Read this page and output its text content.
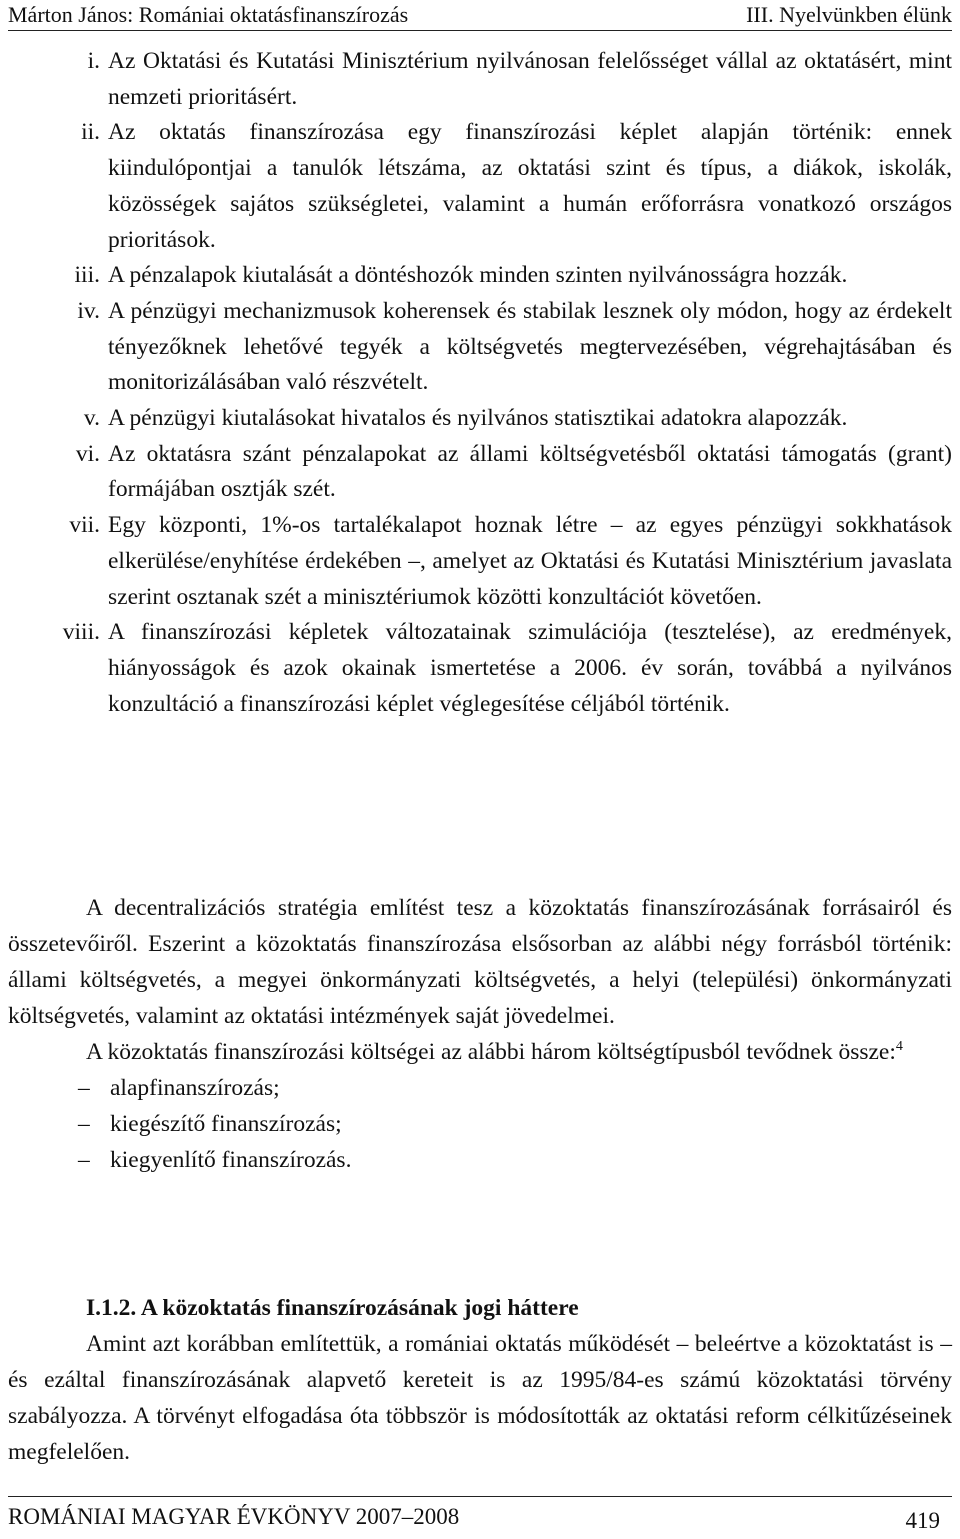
Márton János: Romániai oktatásfinanszírozás	III. Nyelvünkben élünk
i. Az Oktatási és Kutatási Minisztérium nyilvánosan felelősséget vállal az oktatásért, mint nemzeti prioritásért.
ii. Az oktatás finanszírozása egy finanszírozási képlet alapján történik: ennek kiindulópontjai a tanulók létszáma, az oktatási szint és típus, a diákok, iskolák, közösségek sajátos szükségletei, valamint a humán erőforrásra vonatkozó országos prioritások.
iii. A pénzalapok kiutalását a döntéshozók minden szinten nyilvánosságra hozzák.
iv. A pénzügyi mechanizmusok koherensek és stabilak lesznek oly módon, hogy az érdekelt tényezőknek lehetővé tegyék a költségvetés megtervezésében, végrehajtásában és monitorizálásában való részvételt.
v. A pénzügyi kiutalásokat hivatalos és nyilvános statisztikai adatokra alapozzák.
vi. Az oktatásra szánt pénzalapokat az állami költségvetésből oktatási támogatás (grant) formájában osztják szét.
vii. Egy központi, 1%-os tartalékalapot hoznak létre – az egyes pénzügyi sokkhatások elkerülése/enyhítése érdekében –, amelyet az Oktatási és Kutatási Minisztérium javaslata szerint osztanak szét a minisztériumok közötti konzultációt követően.
viii. A finanszírozási képletek változatainak szimulációja (tesztelése), az eredmények, hiányosságok és azok okainak ismertetése a 2006. év során, továbbá a nyilvános konzultáció a finanszírozási képlet véglegesítése céljából történik.

A decentralizációs stratégia említést tesz a közoktatás finanszírozásának forrásairól és összetevőiről. Eszerint a közoktatás finanszírozása elsősorban az alábbi négy forrásból történik: állami költségvetés, a megyei önkormányzati költségvetés, a helyi (települési) önkormányzati költségvetés, valamint az oktatási intézmények saját jövedelmei.

A közoktatás finanszírozási költségei az alábbi három költségtípusból tevődnek össze:$^4$

– alapfinanszírozás;

– kiegészítő finanszírozás;

– kiegyenlítő finanszírozás.

I.1.2. A közoktatás finanszírozásának jogi háttere

Amint azt korábban említettük, a romániai oktatás működését – beleértve a közoktatást is – és ezáltal finanszírozásának alapvető kereteit is az 1995/84-es számú közoktatási törvény szabályozza. A törvényt elfogadása óta többször is módosították az oktatási reform célkitűzéseinek megfelelően.

ROMÁNIAI MAGYAR ÉVKÖNYV 2007–2008	419
